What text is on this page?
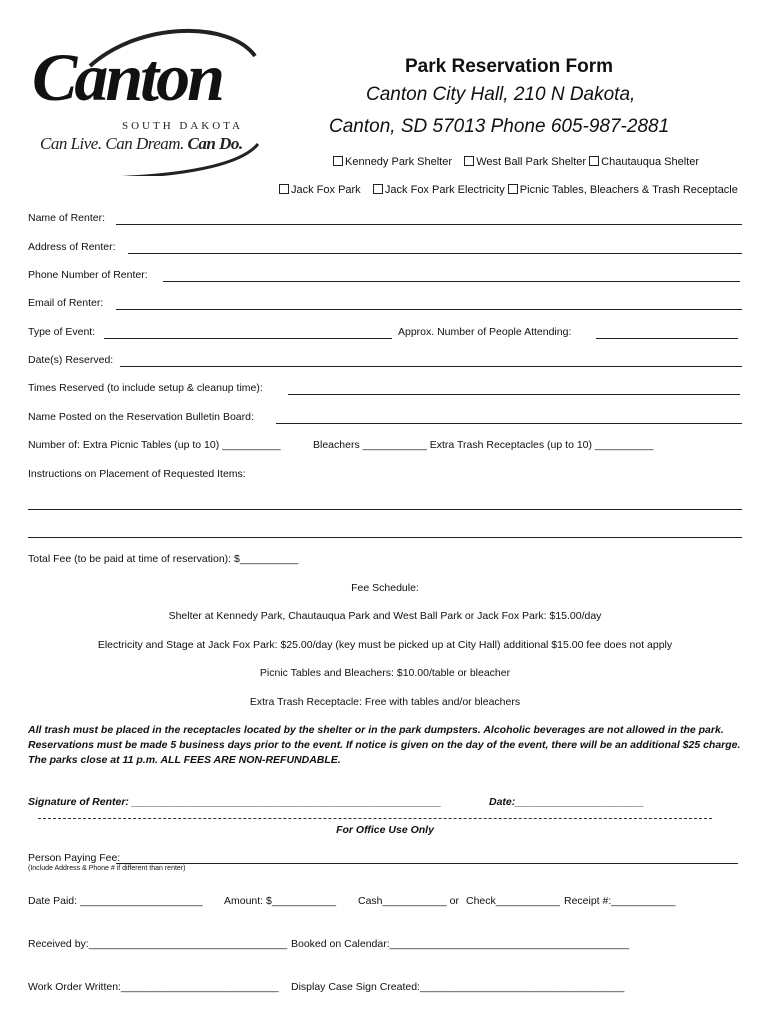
Canton
SOUTH DAKOTA
Can Live. Can Dream. Can Do.
Park Reservation Form
Canton City Hall, 210 N Dakota,
Canton, SD 57013 Phone 605-987-2881
Kennedy Park Shelter West Ball Park Shelter Chautauqua Shelter
Jack Fox Park Jack Fox Park Electricity Picnic Tables, Bleachers & Trash Receptacle
Name of Renter:
Address of Renter:
Phone Number of Renter:
Email of Renter:
Type of Event:	Approx. Number of People Attending:
Date(s) Reserved:
Times Reserved (to include setup & cleanup time):
Name Posted on the Reservation Bulletin Board:
Number of: Extra Picnic Tables (up to 10) __________	Bleachers ___________ Extra Trash Receptacles (up to 10) __________
Instructions on Placement of Requested Items:
Total Fee (to be paid at time of reservation): $__________
Fee Schedule:
Shelter at Kennedy Park, Chautauqua Park and West Ball Park or Jack Fox Park: $15.00/day
Electricity and Stage at Jack Fox Park: $25.00/day (key must be picked up at City Hall) additional $15.00 fee does not apply
Picnic Tables and Bleachers: $10.00/table or bleacher
Extra Trash Receptacle: Free with tables and/or bleachers
All trash must be placed in the receptacles located by the shelter or in the park dumpsters. Alcoholic beverages are not allowed in the park. Reservations must be made 5 business days prior to the event. If notice is given on the day of the event, there will be an additional $25 charge. The parks close at 11 p.m. ALL FEES ARE NON-REFUNDABLE.
Signature of Renter: _____________________________________________________	Date:______________________
For Office Use Only
Person Paying Fee:
(Include Address & Phone # if different than renter)
Date Paid: _____________________ Amount: $___________ Cash___________ or Check___________ Receipt #:___________
Received by:__________________________________ Booked on Calendar:_________________________________________
Work Order Written:___________________________ Display Case Sign Created:___________________________________
